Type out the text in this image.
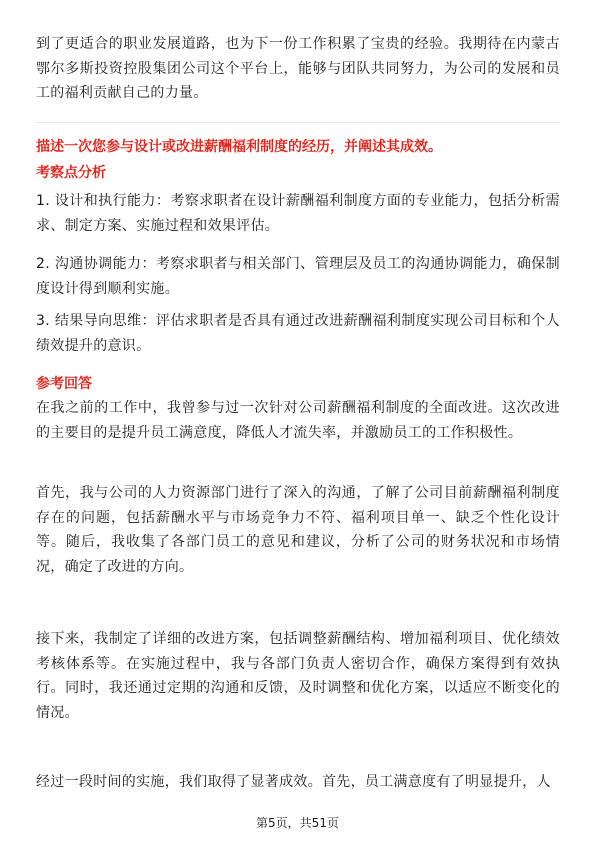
到了更适合的职业发展道路，也为下一份工作积累了宝贵的经验。我期待在内蒙古鄂尔多斯投资控股集团公司这个平台上，能够与团队共同努力，为公司的发展和员工的福利贡献自己的力量。

描述一次您参与设计或改进薪酬福利制度的经历，并阐述其成效。

考察点分析

1. 设计和执行能力：考察求职者在设计薪酬福利制度方面的专业能力，包括分析需求、制定方案、实施过程和效果评估。

2. 沟通协调能力：考察求职者与相关部门、管理层及员工的沟通协调能力，确保制度设计得到顺利实施。

3. 结果导向思维：评估求职者是否具有通过改进薪酬福利制度实现公司目标和个人绩效提升的意识。

参考回答

在我之前的工作中，我曾参与过一次针对公司薪酬福利制度的全面改进。这次改进的主要目的是提升员工满意度，降低人才流失率，并激励员工的工作积极性。

首先，我与公司的人力资源部门进行了深入的沟通，了解了公司目前薪酬福利制度存在的问题，包括薪酬水平与市场竞争力不符、福利项目单一、缺乏个性化设计等。随后，我收集了各部门员工的意见和建议，分析了公司的财务状况和市场情况，确定了改进的方向。

接下来，我制定了详细的改进方案，包括调整薪酬结构、增加福利项目、优化绩效考核体系等。在实施过程中，我与各部门负责人密切合作，确保方案得到有效执行。同时，我还通过定期的沟通和反馈，及时调整和优化方案，以适应不断变化的情况。

经过一段时间的实施，我们取得了显著成效。首先，员工满意度有了明显提升，人

第5页，共51页
